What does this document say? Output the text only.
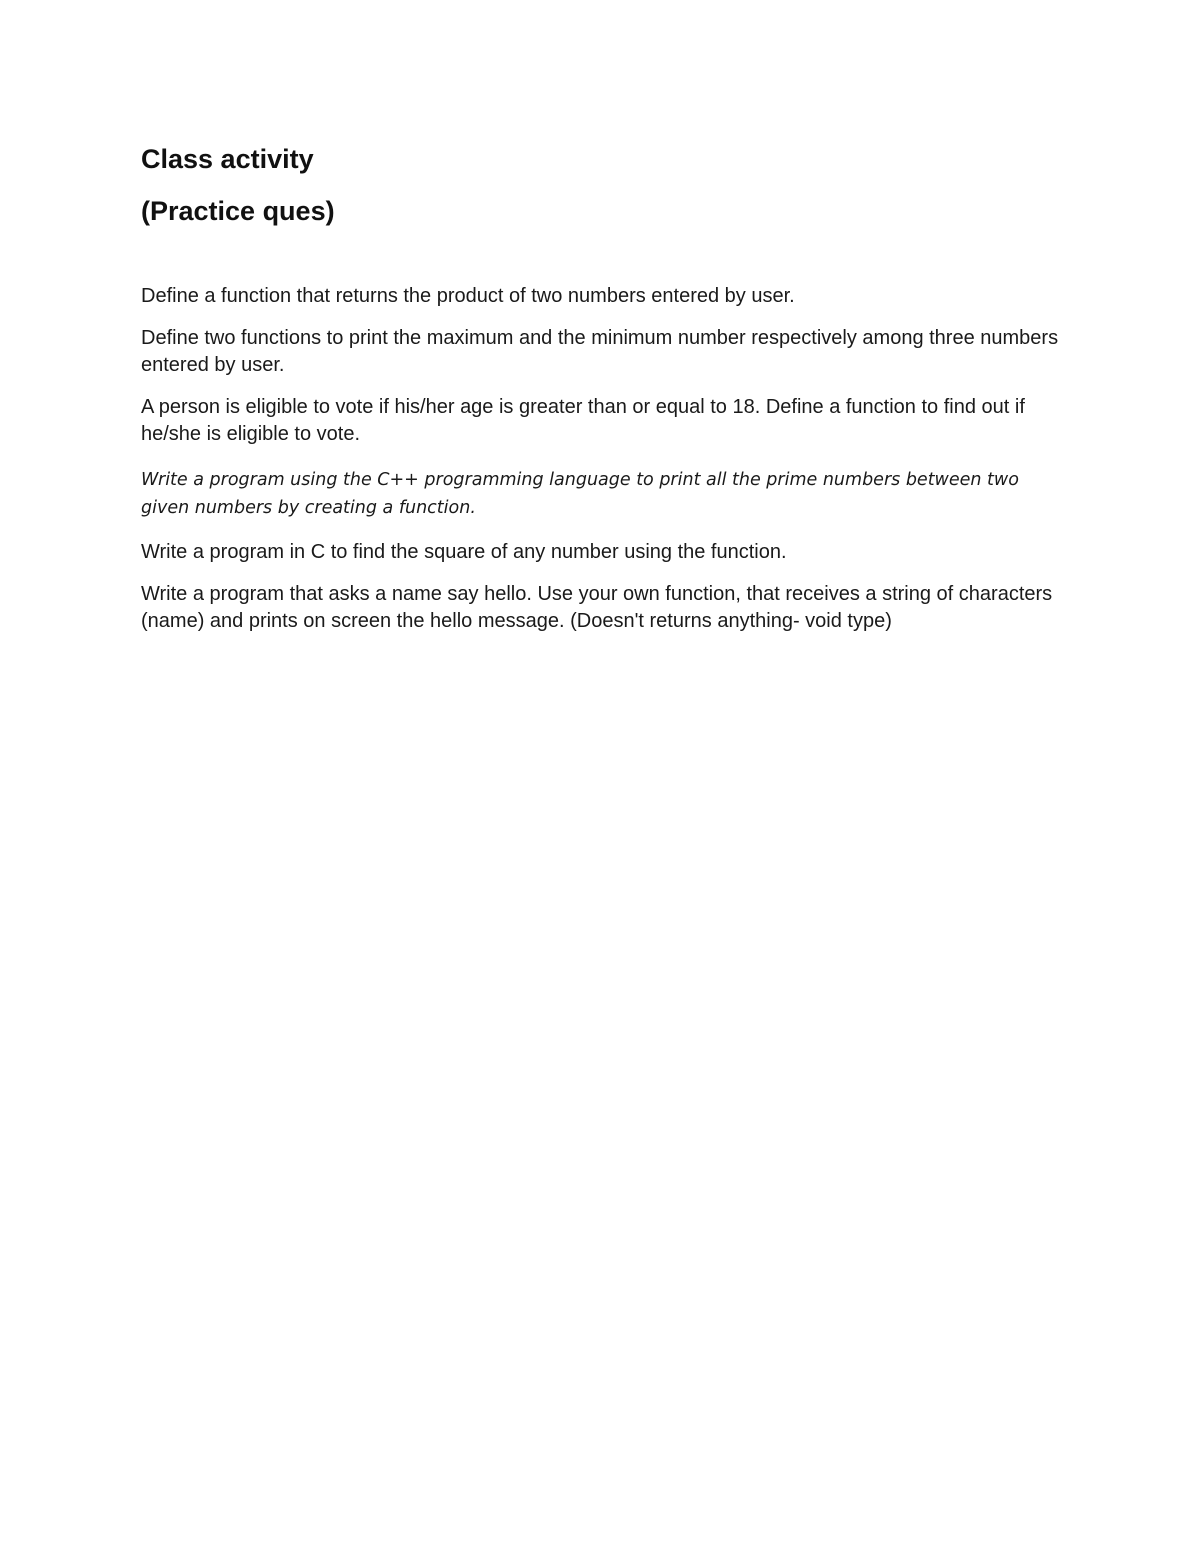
Class activity
(Practice ques)

Define a function that returns the product of two numbers entered by user.

Define two functions to print the maximum and the minimum number respectively among three numbers entered by user.

A person is eligible to vote if his/her age is greater than or equal to 18. Define a function to find out if he/she is eligible to vote.

Write a program using the C++ programming language to print all the prime numbers between two given numbers by creating a function.

Write a program in C to find the square of any number using the function.

Write a program that asks a name say hello. Use your own function, that receives a string of characters (name) and prints on screen the hello message. (Doesn't returns anything- void type)
